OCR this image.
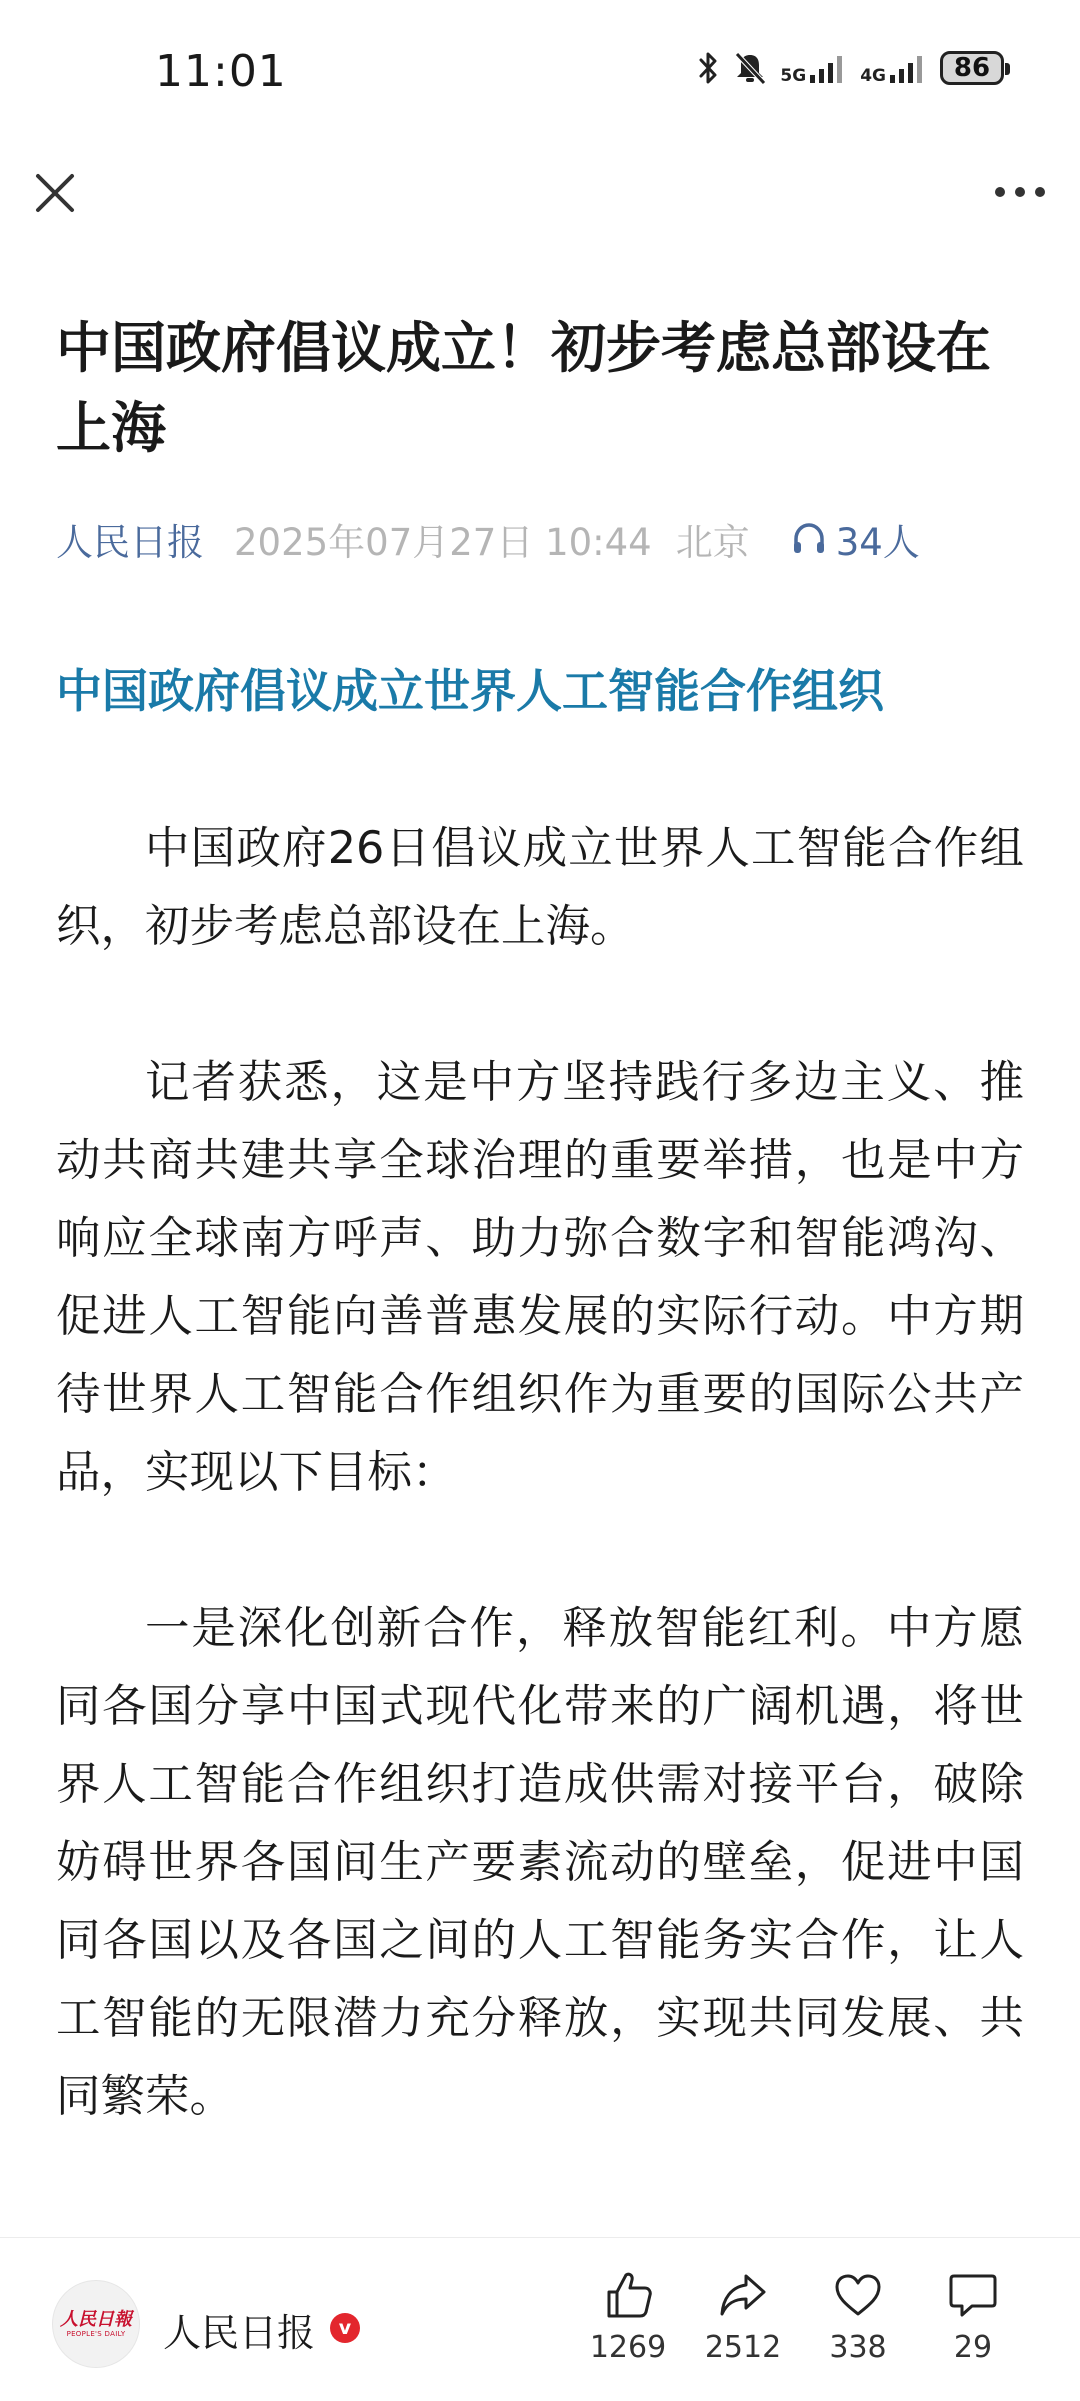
11:01	5G	4G	86
中国政府倡议成立！初步考虑总部设在上海
人民日报 2025年07月27日 10:44 北京 34人
中国政府倡议成立世界人工智能合作组织

中国政府26日倡议成立世界人工智能合作组织，初步考虑总部设在上海。

记者获悉，这是中方坚持践行多边主义、推动共商共建共享全球治理的重要举措，也是中方响应全球南方呼声、助力弥合数字和智能鸿沟、促进人工智能向善普惠发展的实际行动。中方期待世界人工智能合作组织作为重要的国际公共产品，实现以下目标：

一是深化创新合作，释放智能红利。中方愿同各国分享中国式现代化带来的广阔机遇，将世界人工智能合作组织打造成供需对接平台，破除妨碍世界各国间生产要素流动的壁垒，促进中国同各国以及各国之间的人工智能务实合作，让人工智能的无限潜力充分释放，实现共同发展、共同繁荣。

人民日報
PEOPLE'S DAILY 人民日报	v
1269 2512 338 29
